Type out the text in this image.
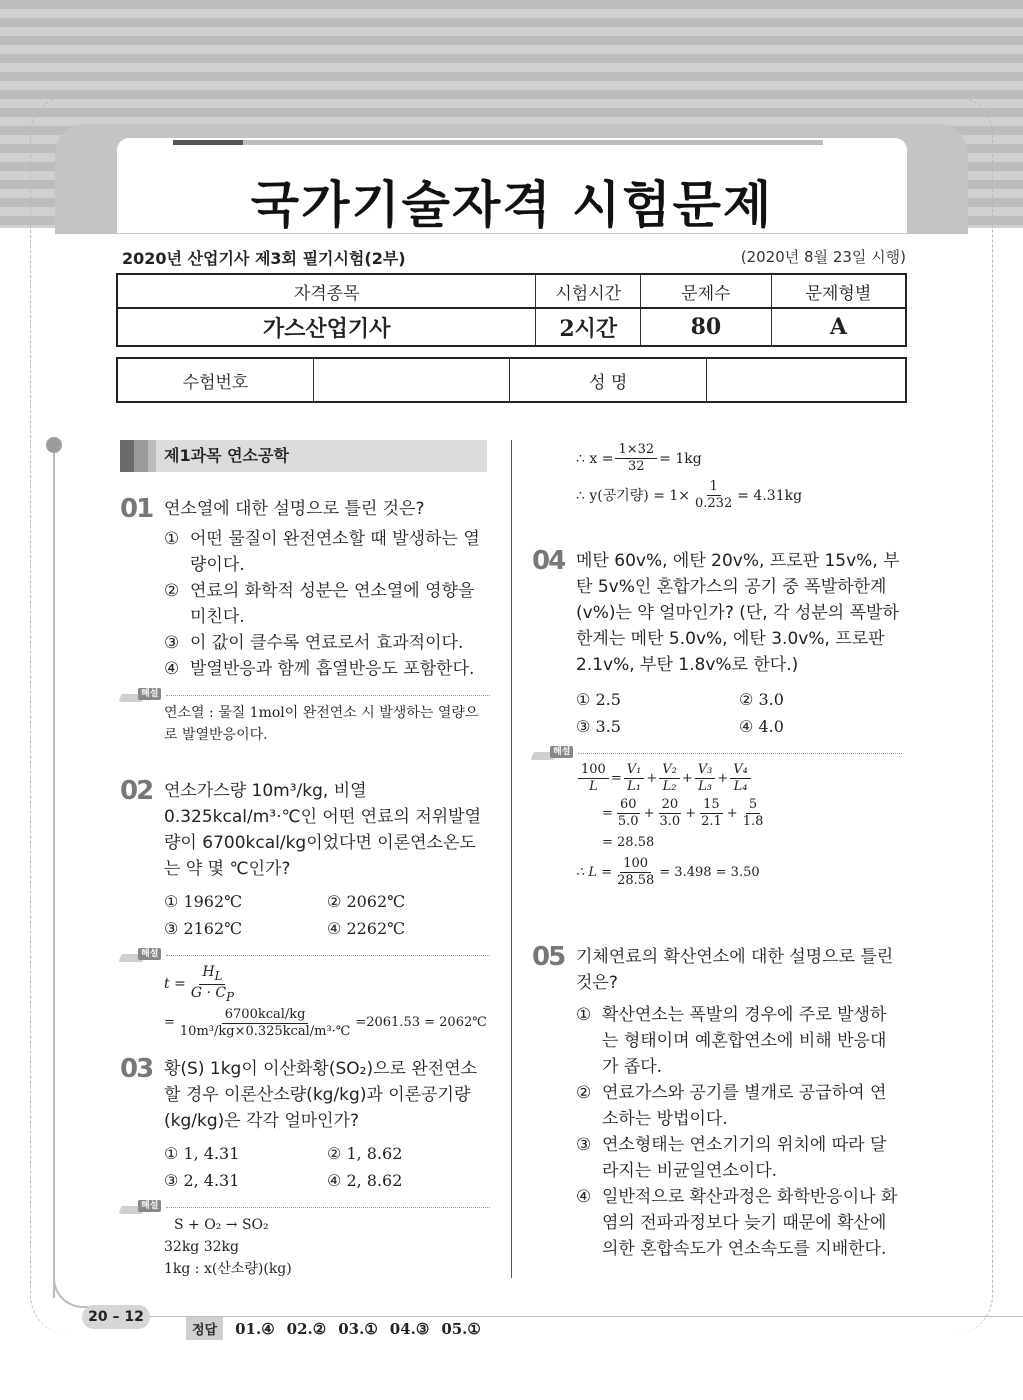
국가기술자격 시험문제
2020년 산업기사 제3회 필기시험(2부)	(2020년 8월 23일 시행)
자격종목	시험시간	문제수	문제형별
가스산업기사	2시간	80	A
수험번호		성 명	
20 – 12
제1과목 연소공학
01 연소열에 대한 설명으로 틀린 것은?
① 어떤 물질이 완전연소할 때 발생하는 열량이다.
② 연료의 화학적 성분은 연소열에 영향을 미친다.
③ 이 값이 클수록 연료로서 효과적이다.
④ 발열반응과 함께 흡열반응도 포함한다.
해설
연소열 : 물질 1mol이 완전연소 시 발생하는 열량으로 발열반응이다.
02 연소가스량 10m³/kg, 비열 0.325kcal/m³·℃인 어떤 연료의 저위발열량이 6700kcal/kg이었다면 이론연소온도는 약 몇 ℃인가?
① 1962℃	② 2062℃
③ 2162℃	④ 2262℃
해설
$t = \frac{H_L}{G \cdot C_P}$
= $\frac{\text{6700kcal/kg}}{\text{10m³/kg×0.325kcal/m³·℃}} =2061.53$ = 2062℃
03 황(S) 1kg이 이산화황(SO₂)으로 완전연소할 경우 이론산소량(kg/kg)과 이론공기량(kg/kg)은 각각 얼마인가?
① 1, 4.31	② 1, 8.62
③ 2, 4.31	④ 2, 8.62
해설
S + O₂ → SO₂
32kg 32kg
1kg : x(산소량)(kg)
∴ $x = \frac{1\times 32}{32} = 1kg$
∴ y(공기량) = $1\times \frac{1}{0.232} = 4.31kg$
04 메탄 60v%, 에탄 20v%, 프로판 15v%, 부탄 5v%인 혼합가스의 공기 중 폭발하한계(v%)는 약 얼마인가? (단, 각 성분의 폭발하한계는 메탄 5.0v%, 에탄 3.0v%, 프로판 2.1v%, 부탄 1.8v%로 한다.)
① 2.5	② 3.0
③ 3.5	④ 4.0
해설
$\frac{100}{L} = \frac{\text{V₁}}{\text{L₁}} + \frac{\text{V₂}}{\text{L₂}} + \frac{\text{V₃}}{\text{L₃}} + \frac{\text{V₄}}{\text{L₄}}$
= $\frac{60}{5.0} + \frac{20}{3.0} + \frac{15}{2.1} + \frac{5}{1.8}$
= 28.58
∴ $L = \frac{100}{28.58} = 3.498 = 3.50$
05 기체연료의 확산연소에 대한 설명으로 틀린 것은?
① 확산연소는 폭발의 경우에 주로 발생하는 형태이며 예혼합연소에 비해 반응대가 좁다.
② 연료가스와 공기를 별개로 공급하여 연소하는 방법이다.
③ 연소형태는 연소기기의 위치에 따라 달라지는 비균일연소이다.
④ 일반적으로 확산과정은 화학반응이나 화염의 전파과정보다 늦기 때문에 확산에 의한 혼합속도가 연소속도를 지배한다.
정답	01.④ 02.② 03.① 04.③ 05.①
